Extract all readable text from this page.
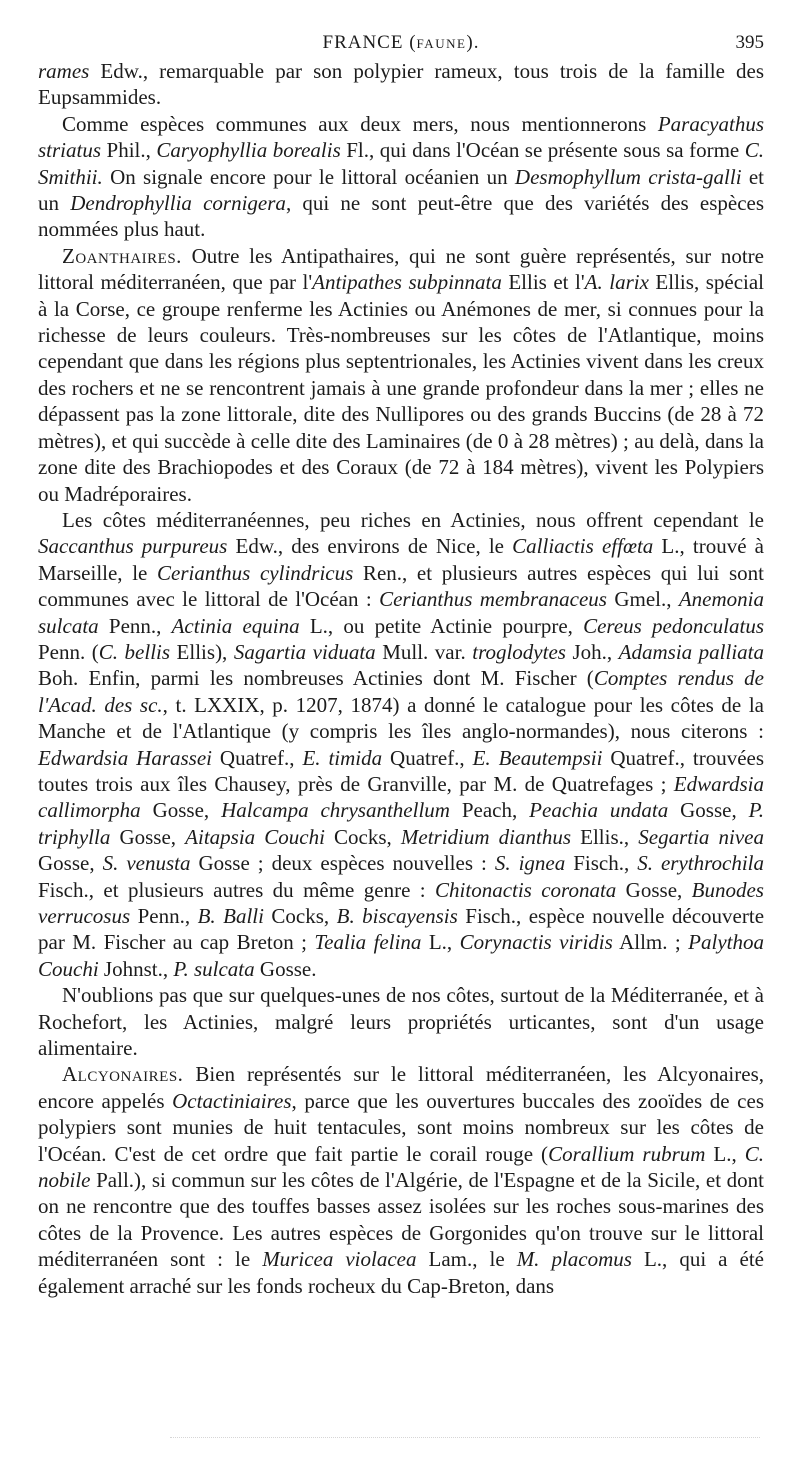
FRANCE (FAUNE).	395

rames Edw., remarquable par son polypier rameux, tous trois de la famille des Eupsammides.

Comme espèces communes aux deux mers, nous mentionnerons Paracyathus striatus Phil., Caryophyllia borealis Fl., qui dans l'Océan se présente sous sa forme C. Smithii. On signale encore pour le littoral océanien un Desmophyllum crista-galli et un Dendrophyllia cornigera, qui ne sont peut-être que des variétés des espèces nommées plus haut.

Zoanthaires. Outre les Antipathaires, qui ne sont guère représentés, sur notre littoral méditerranéen, que par l'Antipathes subpinnata Ellis et l'A. larix Ellis, spécial à la Corse, ce groupe renferme les Actinies ou Anémones de mer, si connues pour la richesse de leurs couleurs. Très-nombreuses sur les côtes de l'Atlantique, moins cependant que dans les régions plus septentrionales, les Actinies vivent dans les creux des rochers et ne se rencontrent jamais à une grande profondeur dans la mer ; elles ne dépassent pas la zone littorale, dite des Nullipores ou des grands Buccins (de 28 à 72 mètres), et qui succède à celle dite des Laminaires (de 0 à 28 mètres) ; au delà, dans la zone dite des Brachiopodes et des Coraux (de 72 à 184 mètres), vivent les Polypiers ou Madréporaires.

Les côtes méditerranéennes, peu riches en Actinies, nous offrent cependant le Saccanthus purpureus Edw., des environs de Nice, le Calliactis effœta L., trouvé à Marseille, le Cerianthus cylindricus Ren., et plusieurs autres espèces qui lui sont communes avec le littoral de l'Océan : Cerianthus membranaceus Gmel., Anemonia sulcata Penn., Actinia equina L., ou petite Actinie pourpre, Cereus pedonculatus Penn. (C. bellis Ellis), Sagartia viduata Mull. var. troglodytes Joh., Adamsia palliata Boh. Enfin, parmi les nombreuses Actinies dont M. Fischer (Comptes rendus de l'Acad. des sc., t. LXXIX, p. 1207, 1874) a donné le catalogue pour les côtes de la Manche et de l'Atlantique (y compris les îles anglo-normandes), nous citerons : Edwardsia Harassei Quatref., E. timida Quatref., E. Beautempsii Quatref., trouvées toutes trois aux îles Chausey, près de Granville, par M. de Quatrefages ; Edwardsia callimorpha Gosse, Halcampa chrysanthellum Peach, Peachia undata Gosse, P. triphylla Gosse, Aitapsia Couchi Cocks, Metridium dianthus Ellis., Segartia nivea Gosse, S. venusta Gosse ; deux espèces nouvelles : S. ignea Fisch., S. erythrochila Fisch., et plusieurs autres du même genre : Chitonactis coronata Gosse, Bunodes verrucosus Penn., B. Balli Cocks, B. biscayensis Fisch., espèce nouvelle découverte par M. Fischer au cap Breton ; Tealia felina L., Corynactis viridis Allm. ; Palythoa Couchi Johnst., P. sulcata Gosse.

N'oublions pas que sur quelques-unes de nos côtes, surtout de la Méditerranée, et à Rochefort, les Actinies, malgré leurs propriétés urticantes, sont d'un usage alimentaire.

Alcyonaires. Bien représentés sur le littoral méditerranéen, les Alcyonaires, encore appelés Octactiniaires, parce que les ouvertures buccales des zooïdes de ces polypiers sont munies de huit tentacules, sont moins nombreux sur les côtes de l'Océan. C'est de cet ordre que fait partie le corail rouge (Corallium rubrum L., C. nobile Pall.), si commun sur les côtes de l'Algérie, de l'Espagne et de la Sicile, et dont on ne rencontre que des touffes basses assez isolées sur les roches sous-marines des côtes de la Provence. Les autres espèces de Gorgonides qu'on trouve sur le littoral méditerranéen sont : le Muricea violacea Lam., le M. placomus L., qui a été également arraché sur les fonds rocheux du Cap-Breton, dans
